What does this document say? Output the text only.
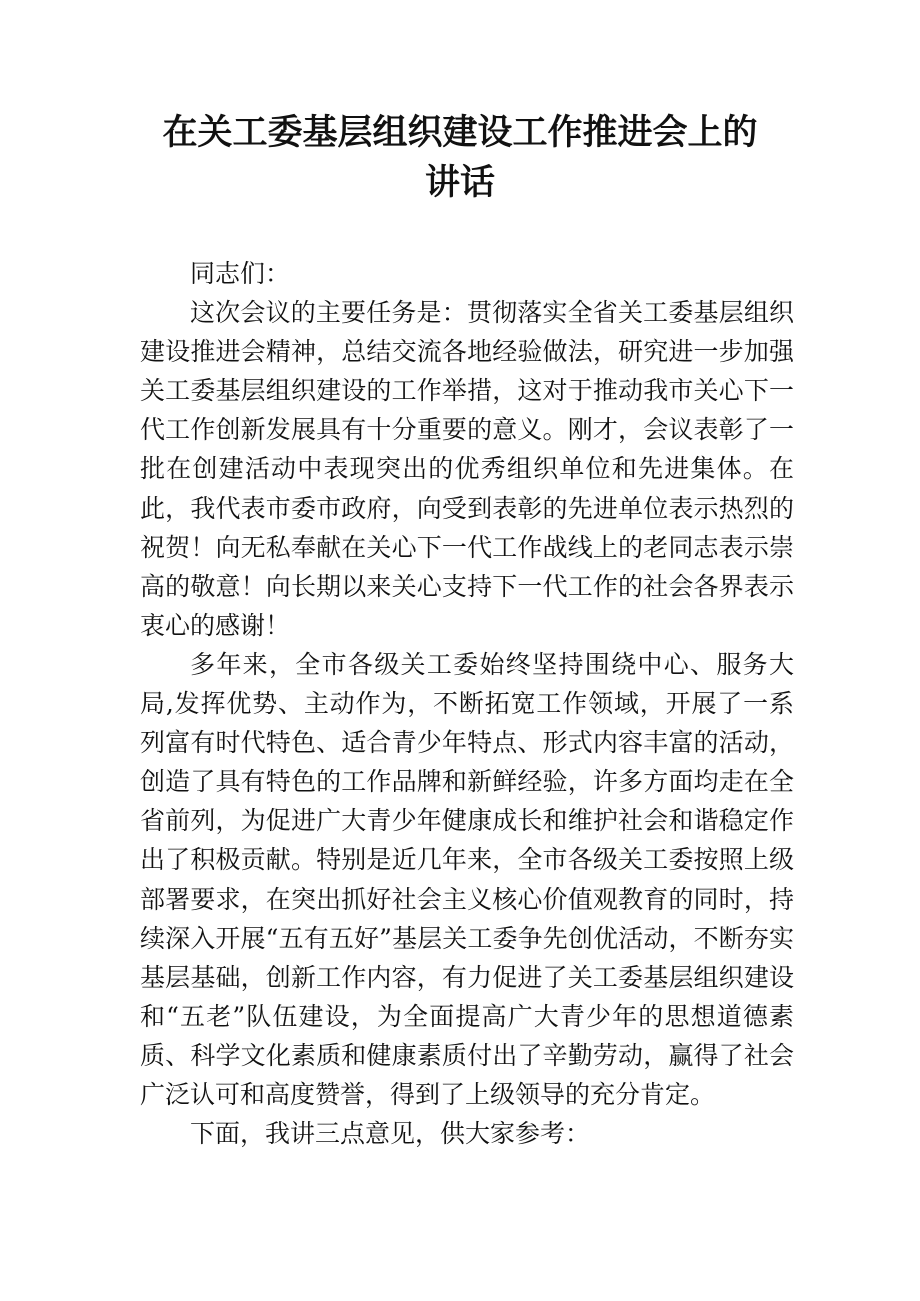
在关工委基层组织建设工作推进会上的讲话

同志们：

这次会议的主要任务是：贯彻落实全省关工委基层组织建设推进会精神，总结交流各地经验做法，研究进一步加强关工委基层组织建设的工作举措，这对于推动我市关心下一代工作创新发展具有十分重要的意义。刚才，会议表彰了一批在创建活动中表现突出的优秀组织单位和先进集体。在此，我代表市委市政府，向受到表彰的先进单位表示热烈的祝贺！向无私奉献在关心下一代工作战线上的老同志表示崇高的敬意！向长期以来关心支持下一代工作的社会各界表示衷心的感谢！

多年来，全市各级关工委始终坚持围绕中心、服务大局,发挥优势、主动作为，不断拓宽工作领域，开展了一系列富有时代特色、适合青少年特点、形式内容丰富的活动，创造了具有特色的工作品牌和新鲜经验，许多方面均走在全省前列，为促进广大青少年健康成长和维护社会和谐稳定作出了积极贡献。特别是近几年来，全市各级关工委按照上级部署要求，在突出抓好社会主义核心价值观教育的同时，持续深入开展“五有五好”基层关工委争先创优活动，不断夯实基层基础，创新工作内容，有力促进了关工委基层组织建设和“五老”队伍建设，为全面提高广大青少年的思想道德素质、科学文化素质和健康素质付出了辛勤劳动，赢得了社会广泛认可和高度赞誉，得到了上级领导的充分肯定。

下面，我讲三点意见，供大家参考：
